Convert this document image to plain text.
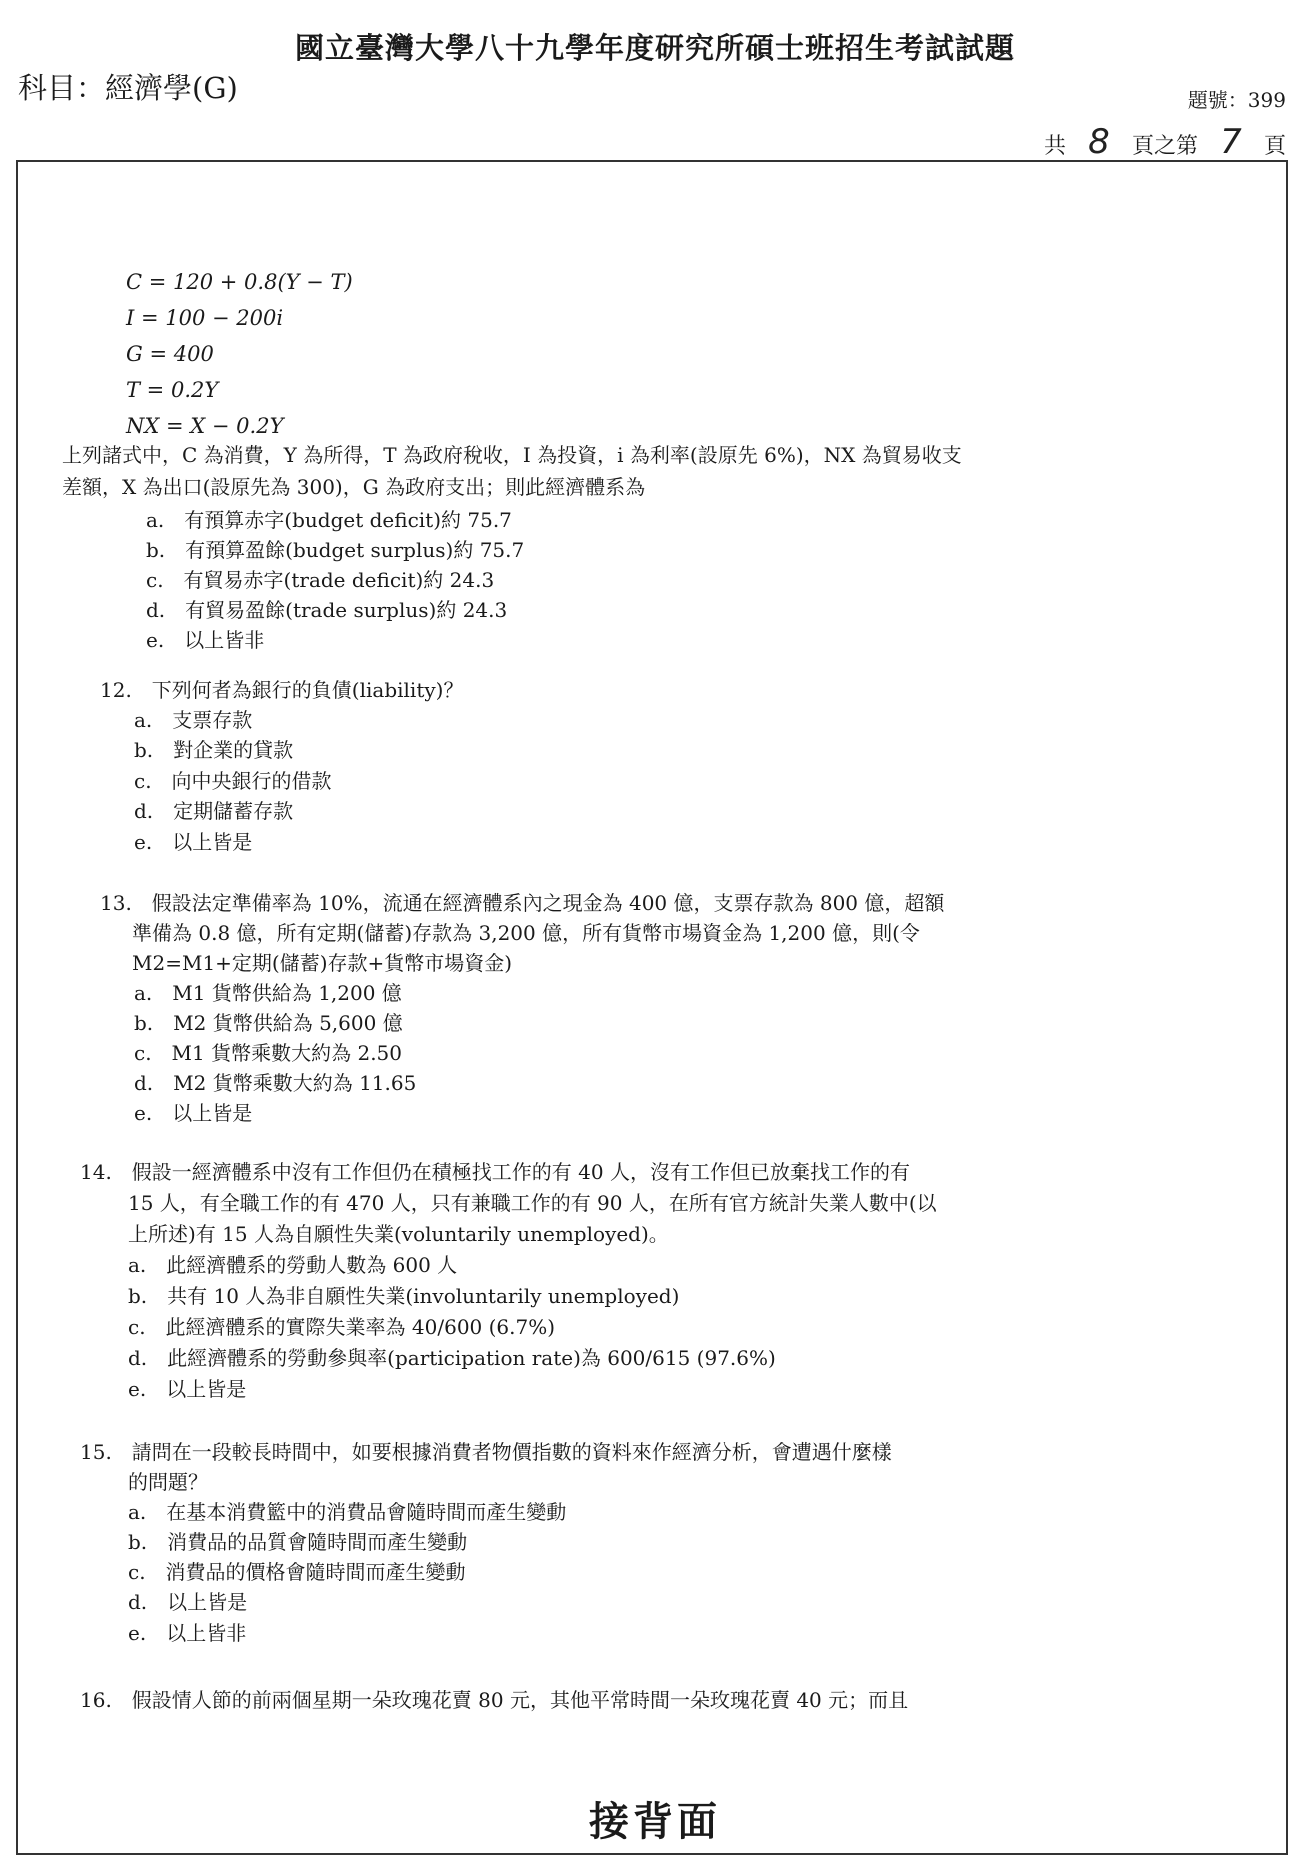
國立臺灣大學八十九學年度研究所碩士班招生考試試題
科目：經濟學(G)	題號：399
共 8 頁之第 7 頁
C = 120 + 0.8(Y − T)
I = 100 − 200i
G = 400
T = 0.2Y
NX = X − 0.2Y
上列諸式中，C 為消費，Y 為所得，T 為政府稅收，I 為投資，i 為利率(設原先 6%)，NX 為貿易收支
差額，X 為出口(設原先為 300)，G 為政府支出；則此經濟體系為
a.　有預算赤字(budget deficit)約 75.7
b.　有預算盈餘(budget surplus)約 75.7
c.　有貿易赤字(trade deficit)約 24.3
d.　有貿易盈餘(trade surplus)約 24.3
e.　以上皆非
12.　下列何者為銀行的負債(liability)？
a.　支票存款
b.　對企業的貸款
c.　向中央銀行的借款
d.　定期儲蓄存款
e.　以上皆是
13.　假設法定準備率為 10%，流通在經濟體系內之現金為 400 億，支票存款為 800 億，超額
準備為 0.8 億，所有定期(儲蓄)存款為 3,200 億，所有貨幣市場資金為 1,200 億，則(令
M2=M1+定期(儲蓄)存款+貨幣市場資金)
a.　M1 貨幣供給為 1,200 億
b.　M2 貨幣供給為 5,600 億
c.　M1 貨幣乘數大約為 2.50
d.　M2 貨幣乘數大約為 11.65
e.　以上皆是
14.　假設一經濟體系中沒有工作但仍在積極找工作的有 40 人，沒有工作但已放棄找工作的有
15 人，有全職工作的有 470 人，只有兼職工作的有 90 人，在所有官方統計失業人數中(以
上所述)有 15 人為自願性失業(voluntarily unemployed)。
a.　此經濟體系的勞動人數為 600 人
b.　共有 10 人為非自願性失業(involuntarily unemployed)
c.　此經濟體系的實際失業率為 40/600 (6.7%)
d.　此經濟體系的勞動參與率(participation rate)為 600/615 (97.6%)
e.　以上皆是
15.　請問在一段較長時間中，如要根據消費者物價指數的資料來作經濟分析，會遭遇什麼樣
的問題？
a.　在基本消費籃中的消費品會隨時間而產生變動
b.　消費品的品質會隨時間而產生變動
c.　消費品的價格會隨時間而產生變動
d.　以上皆是
e.　以上皆非
16.　假設情人節的前兩個星期一朵玫瑰花賣 80 元，其他平常時間一朵玫瑰花賣 40 元；而且
接背面
